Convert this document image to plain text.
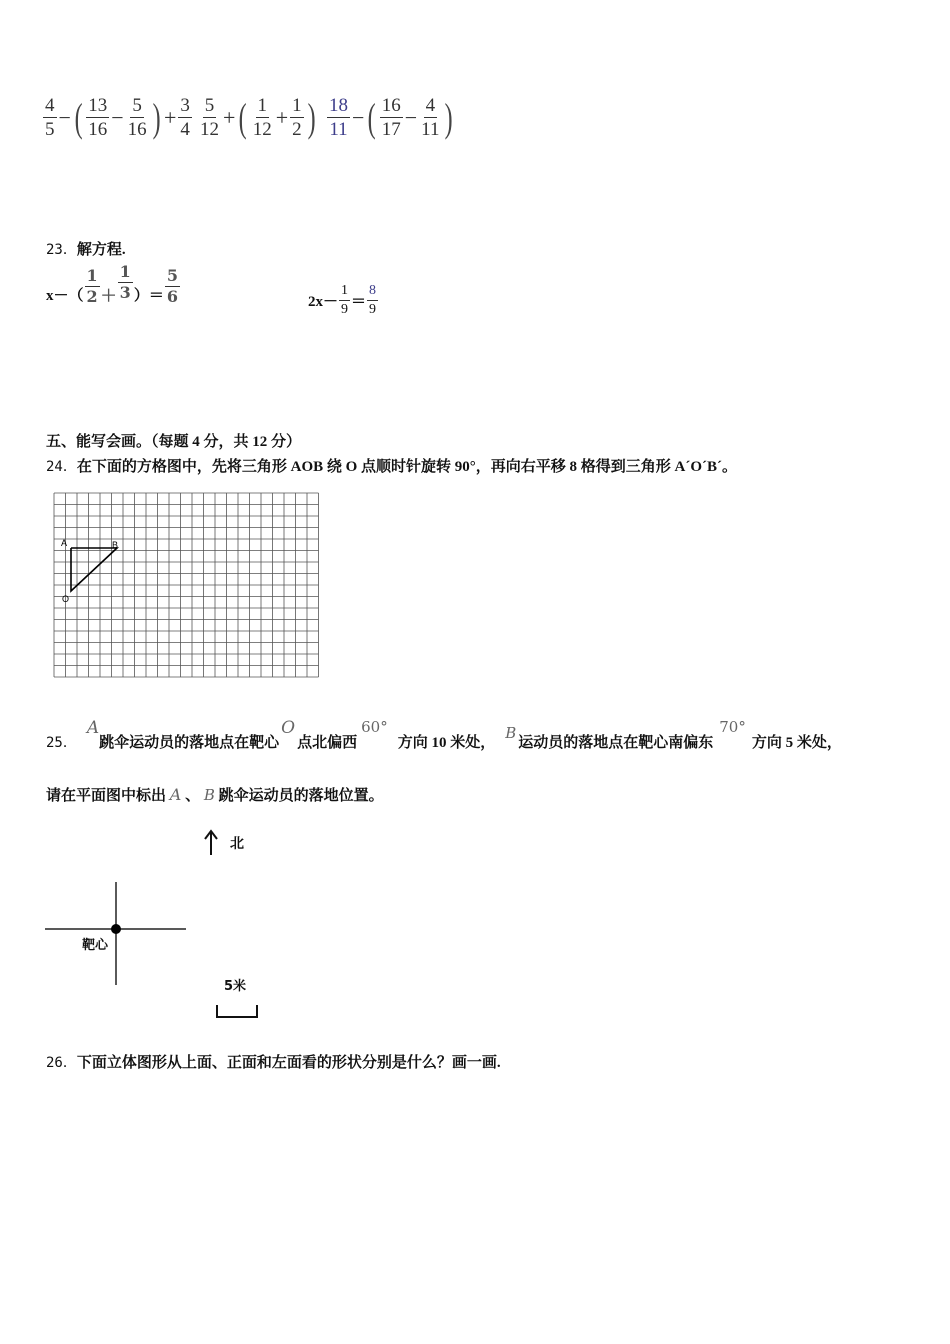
$\frac{4}{5}$ −( $\frac{13}{16} - \frac{5}{16}$ ) + $\frac{3}{4} \frac{5}{12}$ +( $\frac{1}{12} + \frac{1}{2}$ ) $\frac{18}{11}$ −( $\frac{16}{17} - \frac{4}{11}$ )
23．解方程.
$x-( \frac{1}{2} + \frac{1}{3}$ ）＝ $\frac{5}{6}$	$2x- \frac{1}{9} = \frac{8}{9}$
五、能写会画。（每题 4 分，共 12 分）
24．在下面的方格图中，先将三角形 AOB 绕 O 点顺时针旋转 90°，再向右平移 8 格得到三角形 A´O´B´。
A	B
O
25．
A
跳伞运动员的落地点在靶心
O
点北偏西
60°
方向 10 米处，
B
运动员的落地点在靶心南偏东
70°
方向 5 米处，
请在平面图中标出 A 、 B 跳伞运动员的落地位置。
北
靶心
5米
26．下面立体图形从上面、正面和左面看的形状分别是什么？画一画.
